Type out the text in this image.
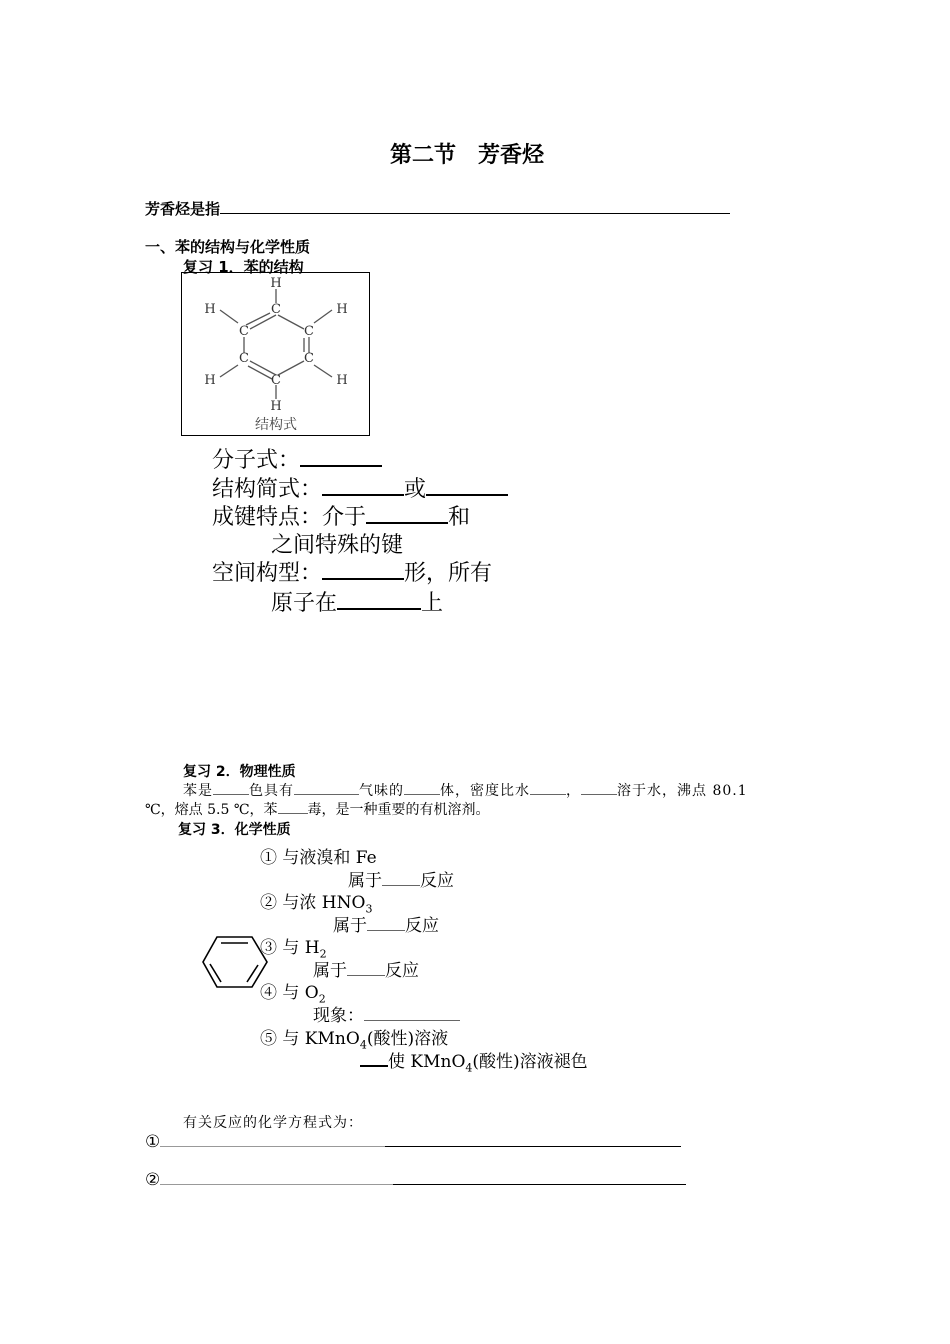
第二节　芳香烃
芳香烃是指
一、苯的结构与化学性质
复习 1．苯的结构
H
C
H	H
C	C
C	C
H	H
C
H
结构式
分子式：
结构简式：	或
成键特点：介于	和
之间特殊的键
空间构型：	形，所有
原子在	上
复习 2．物理性质
苯是	色具有	气味的	体，密度比水	，	溶于水，沸点 80.1
℃，熔点 5.5 ℃，苯 毒，是一种重要的有机溶剂。
复习 3．化学性质
① 与液溴和 Fe
属于 反应
② 与浓 $HNO_3$
属于 反应
③ 与 $H_2$
属于 反应
④ 与 $O_2$
现象：
⑤ 与 KMnO$_4$(酸性)溶液
使 KMnO$_4$(酸性)溶液褪色
有关反应的化学方程式为：
①
②
